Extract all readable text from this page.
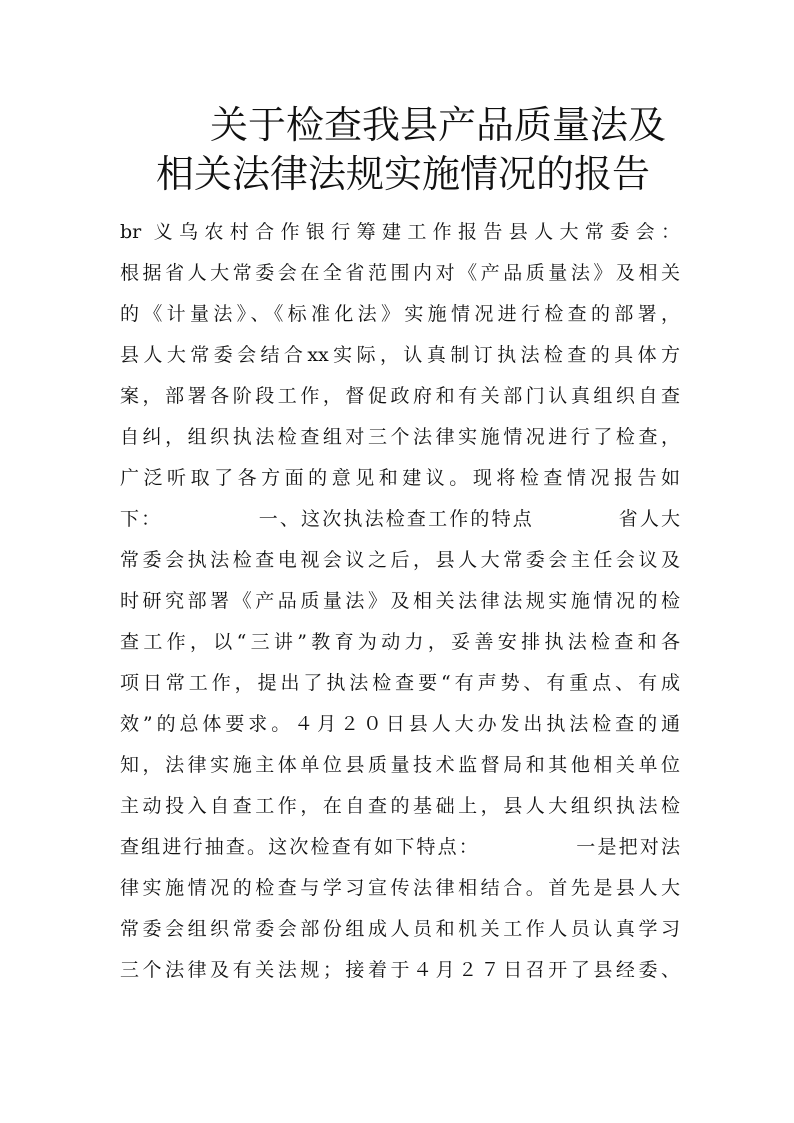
关于检查我县产品质量法及
相关法律法规实施情况的报告
br 义乌农村合作银行筹建工作报告县人大常委会：
根据省人大常委会在全省范围内对《产品质量法》及相关
的《计量法》、《标准化法》实施情况进行检查的部署，
县人大常委会结合xx实际，认真制订执法检查的具体方
案，部署各阶段工作，督促政府和有关部门认真组织自查
自纠，组织执法检查组对三个法律实施情况进行了检查，
广泛听取了各方面的意见和建议。现将检查情况报告如
下：　　　　　一、这次执法检查工作的特点　　　　省人大
常委会执法检查电视会议之后，县人大常委会主任会议及
时研究部署《产品质量法》及相关法律法规实施情况的检
查工作，以“三讲”教育为动力，妥善安排执法检查和各
项日常工作，提出了执法检查要“有声势、有重点、有成
效”的总体要求。４月２０日县人大办发出执法检查的通
知，法律实施主体单位县质量技术监督局和其他相关单位
主动投入自查工作，在自查的基础上，县人大组织执法检
查组进行抽查。这次检查有如下特点：　　　　　一是把对法
律实施情况的检查与学习宣传法律相结合。首先是县人大
常委会组织常委会部份组成人员和机关工作人员认真学习
三个法律及有关法规；接着于４月２７日召开了县经委、
